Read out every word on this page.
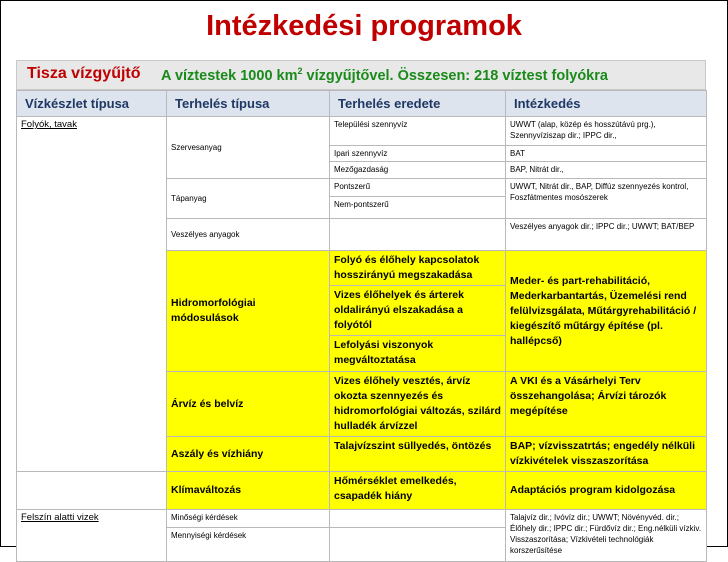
Intézkedési programok
Tisza vízgyűjtő A víztestek 1000 $km^2$ vízgyűjtővel. Összesen: 218 víztest folyókra
Vízkészlet típusa	Terhelés típusa	Terhelés eredete	Intézkedés
Folyók, tavak	Szervesanyag	Települési szennyvíz	UWWT (alap, közép és hosszútávú prg.), Szennyvíziszap dir.; IPPC dir.,
		Ipari szennyvíz	BAT
		Mezőgazdaság	BAP, Nitrát dir.,
	Tápanyag	Pontszerű	UWWT, Nitrát dir., BAP, Diffúz szennyezés kontrol, Foszfátmentes mosószerek
		Nem-pontszerű	
	Veszélyes anyagok		Veszélyes anyagok dir.; IPPC dir.; UWWT; BAT/BEP
	Hidromorfológiai módosulások	Folyó és élőhely kapcsolatok hosszirányú megszakadása	Meder- és part-rehabilitáció, Mederkarbantartás, Üzemelési rend felülvizsgálata, Műtárgyrehabilitáció / kiegészítő műtárgy építése (pl. hallépcső)
		Vizes élőhelyek és árterek oldalirányú elszakadása a folyótól	
		Lefolyási viszonyok megváltoztatása	
	Árvíz és belvíz	Vizes élőhely vesztés, árvíz okozta szennyezés és hidromorfológiai változás, szilárd hulladék árvízzel	A VKI és a Vásárhelyi Terv összehangolása; Árvízi tározók megépítése
	Aszály és vízhiány	Talajvízszint süllyedés, öntözés	BAP; vízvisszatrtás; engedély nélküli vízkivételek visszaszorítása
	Klímaváltozás	Hőmérséklet emelkedés, csapadék hiány	Adaptációs program kidolgozása
Felszín alatti vizek	Minőségi kérdések		Talajvíz dir.; Ivóvíz dir.; UWWT; Növényvéd. dir.; Élőhely dir.; IPPC dir.; Fürdővíz dir.; Eng.nélküli vízkiv. Visszaszorítása; Vízkivételi technológiák korszerűsítése
	Mennyiségi kérdések		
